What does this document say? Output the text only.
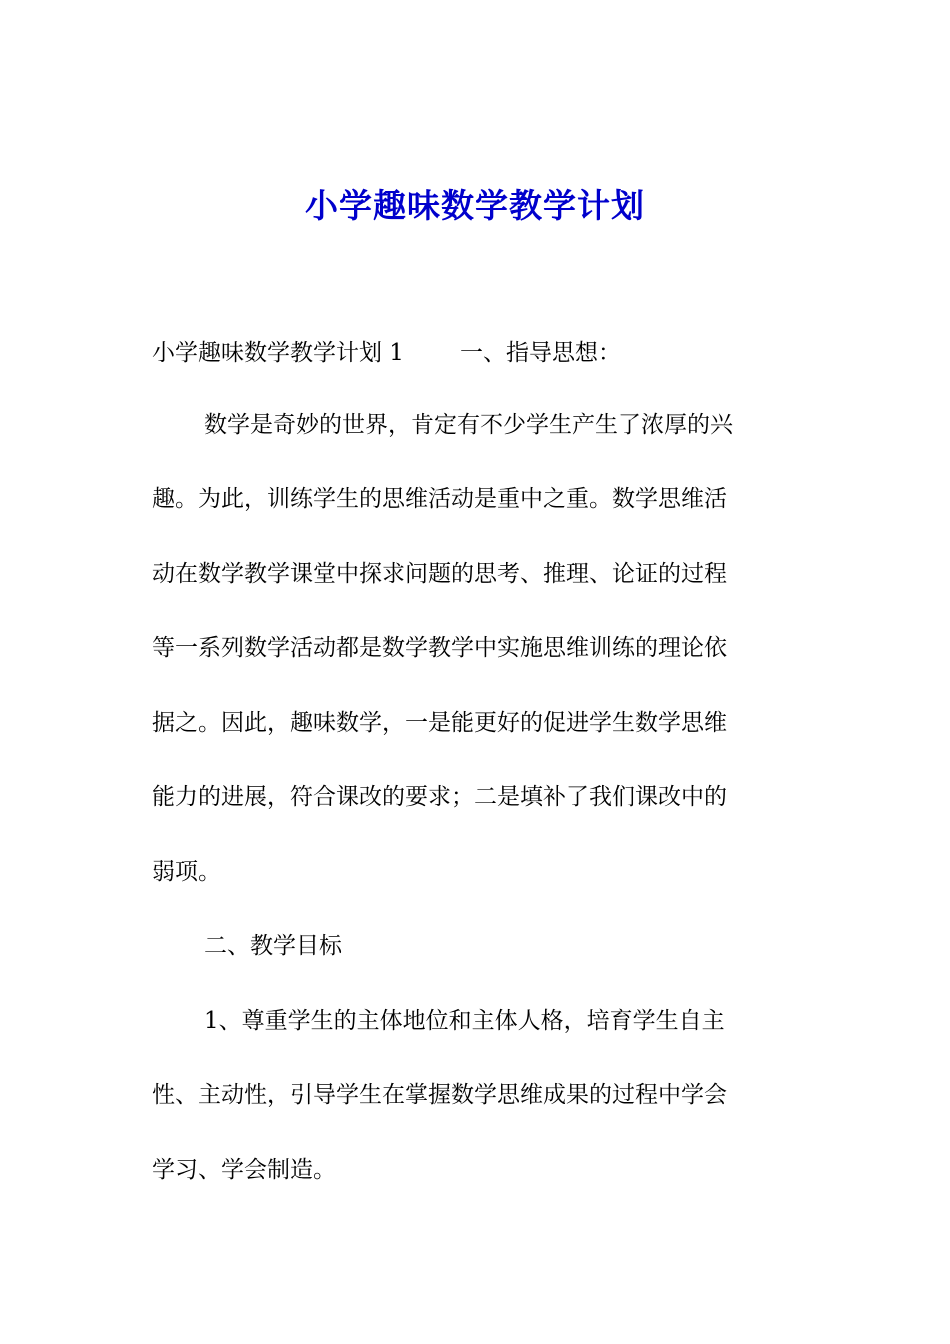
小学趣味数学教学计划
小学趣味数学教学计划 1 一、指导思想：
数学是奇妙的世界，肯定有不少学生产生了浓厚的兴
趣。为此，训练学生的思维活动是重中之重。数学思维活
动在数学教学课堂中探求问题的思考、推理、论证的过程
等一系列数学活动都是数学教学中实施思维训练的理论依
据之。因此，趣味数学，一是能更好的促进学生数学思维
能力的进展，符合课改的要求；二是填补了我们课改中的
弱项。
二、教学目标
1、尊重学生的主体地位和主体人格，培育学生自主
性、主动性，引导学生在掌握数学思维成果的过程中学会
学习、学会制造。
